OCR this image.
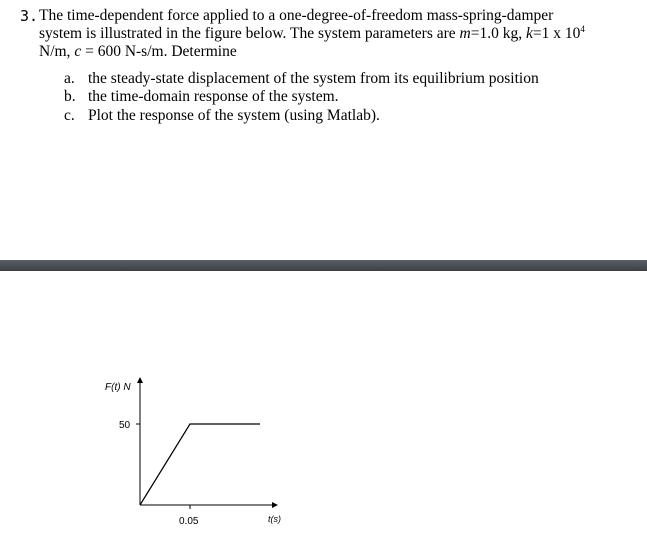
3. The time-dependent force applied to a one-degree-of-freedom mass-spring-damper
system is illustrated in the figure below. The system parameters are m=1.0 kg, k=1 x $10^4$
N/m, c = 600 N-s/m. Determine
a. the steady-state displacement of the system from its equilibrium position
b. the time-domain response of the system.
c. Plot the response of the system (using Matlab).
F(t) N
50
0.05	t(s)
